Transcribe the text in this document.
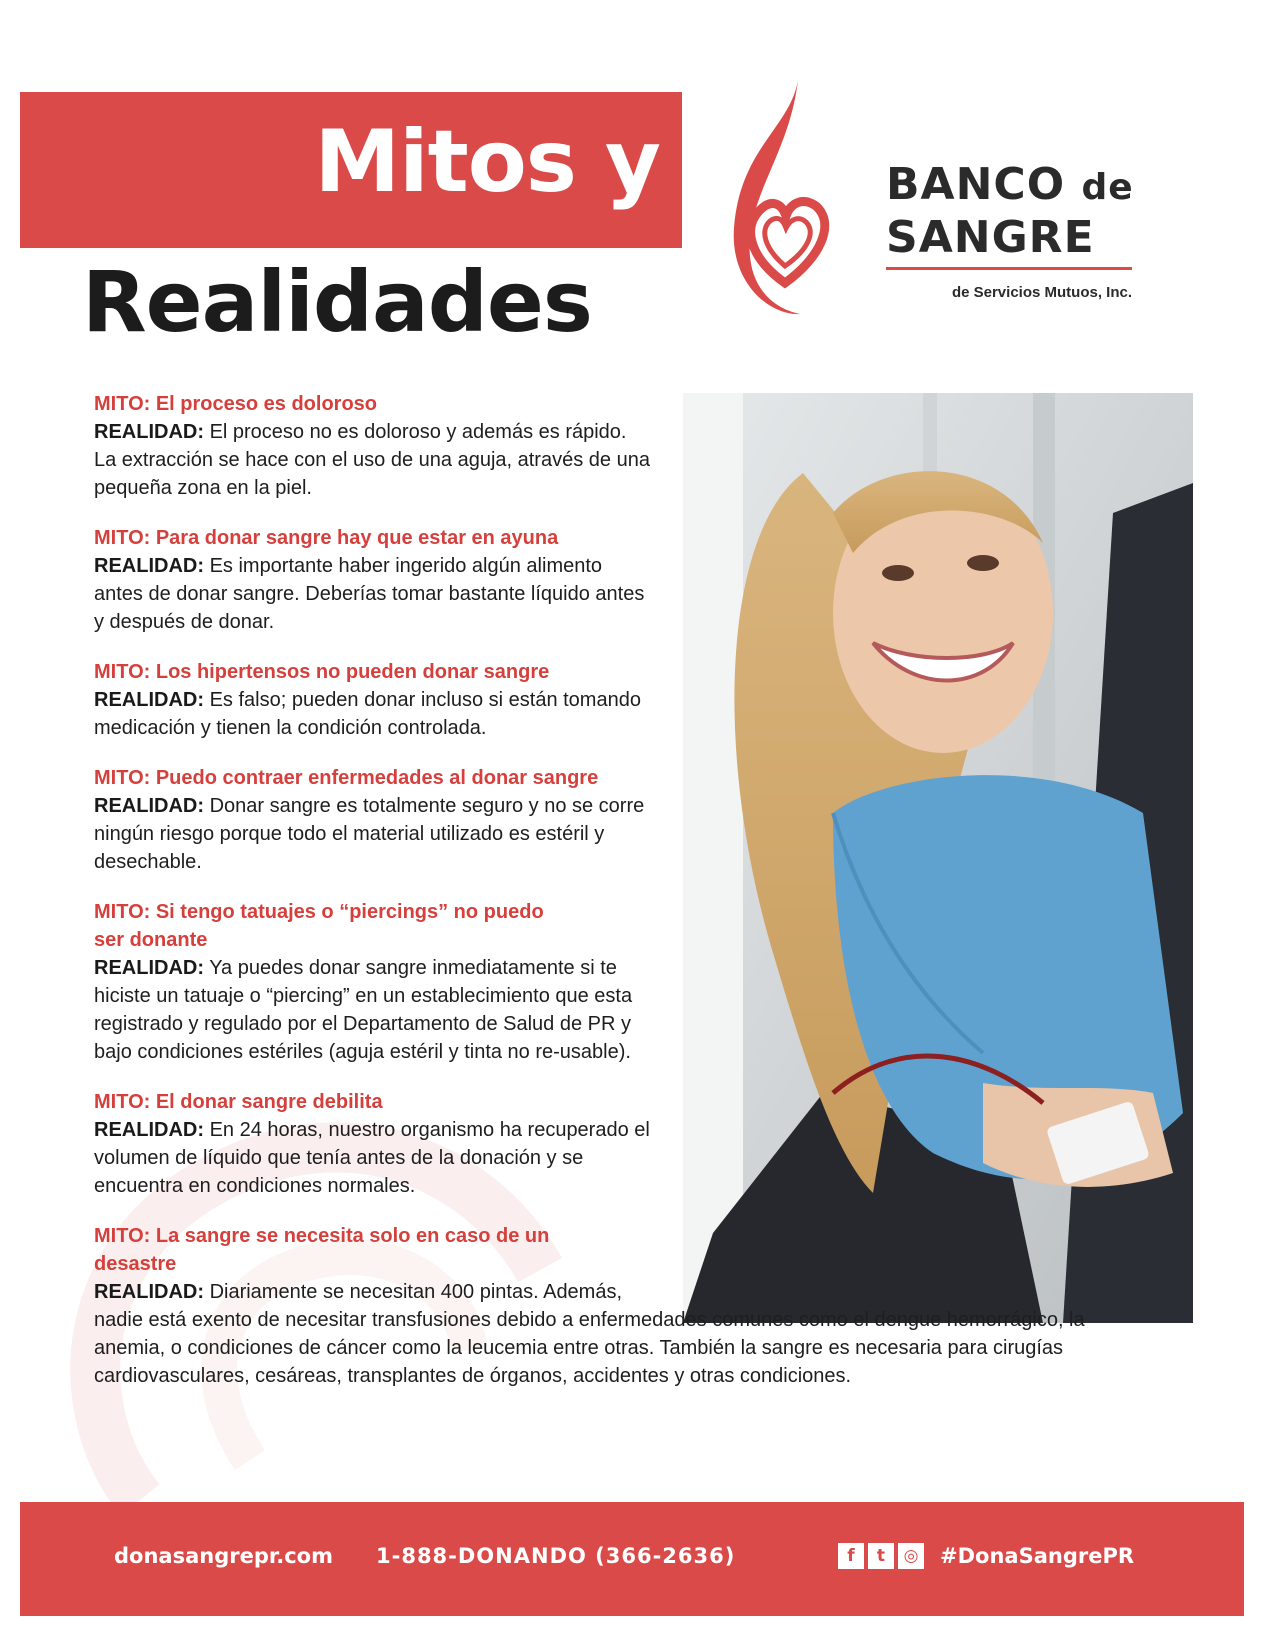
Mitos y
Realidades
BANCO de
SANGRE
de Servicios Mutuos, Inc.
MITO: El proceso es doloroso
REALIDAD: El proceso no es doloroso y además es rápido. La extracción se hace con el uso de una aguja, através de una pequeña zona en la piel.
MITO: Para donar sangre hay que estar en ayuna
REALIDAD: Es importante haber ingerido algún alimento antes de donar sangre. Deberías tomar bastante líquido antes y después de donar.
MITO: Los hipertensos no pueden donar sangre
REALIDAD: Es falso; pueden donar incluso si están tomando medicación y tienen la condición controlada.
MITO: Puedo contraer enfermedades al donar sangre
REALIDAD: Donar sangre es totalmente seguro y no se corre ningún riesgo porque todo el material utilizado es estéril y desechable.
MITO: Si tengo tatuajes o “piercings” no puedo ser donante
REALIDAD: Ya puedes donar sangre inmediatamente si te hiciste un tatuaje o “piercing” en un establecimiento que esta registrado y regulado por el Departamento de Salud de PR y bajo condiciones estériles (aguja estéril y tinta no re-usable).
MITO: El donar sangre debilita
REALIDAD: En 24 horas, nuestro organismo ha recuperado el volumen de líquido que tenía antes de la donación y se encuentra en condiciones normales.
MITO: La sangre se necesita solo en caso de un desastre
REALIDAD: Diariamente se necesitan 400 pintas. Además,
nadie está exento de necesitar transfusiones debido a enfermedades comunes como el dengue hemorrágico, la anemia, o condiciones de cáncer como la leucemia entre otras. También la sangre es necesaria para cirugías cardiovasculares, cesáreas, transplantes de órganos, accidentes y otras condiciones.
donasangrepr.com 1-888-DONANDO (366-2636)	f	t	◎ #DonaSangrePR
